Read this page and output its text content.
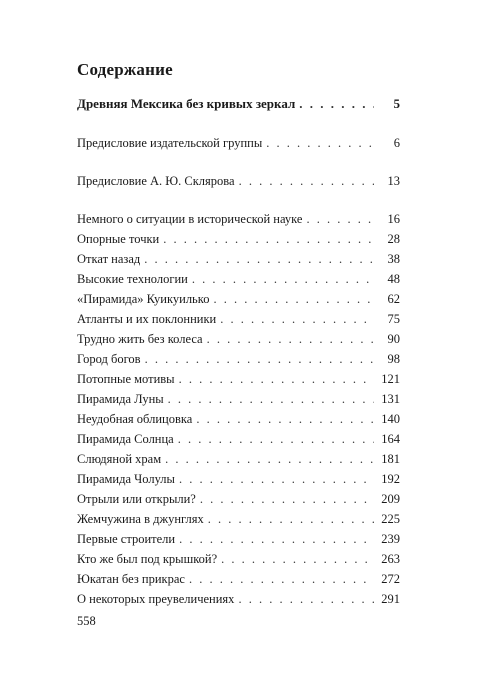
Содержание
Древняя Мексика без кривых зеркал . . .	5
Предисловие издательской группы . . .	6
Предисловие А. Ю. Склярова . . .	13
Немного о ситуации в исторической науке . . .	16
Опорные точки . . .	28
Откат назад . . .	38
Высокие технологии . . .	48
«Пирамида» Куикуилько . . .	62
Атланты и их поклонники . . .	75
Трудно жить без колеса . . .	90
Город богов . . .	98
Потопные мотивы . . .	121
Пирамида Луны . . .	131
Неудобная облицовка . . .	140
Пирамида Солнца . . .	164
Слюдяной храм . . .	181
Пирамида Чолулы . . .	192
Отрыли или открыли? . . .	209
Жемчужина в джунглях . . .	225
Первые строители . . .	239
Кто же был под крышкой? . . .	263
Юкатан без прикрас . . .	272
О некоторых преувеличениях . . .	291
558
